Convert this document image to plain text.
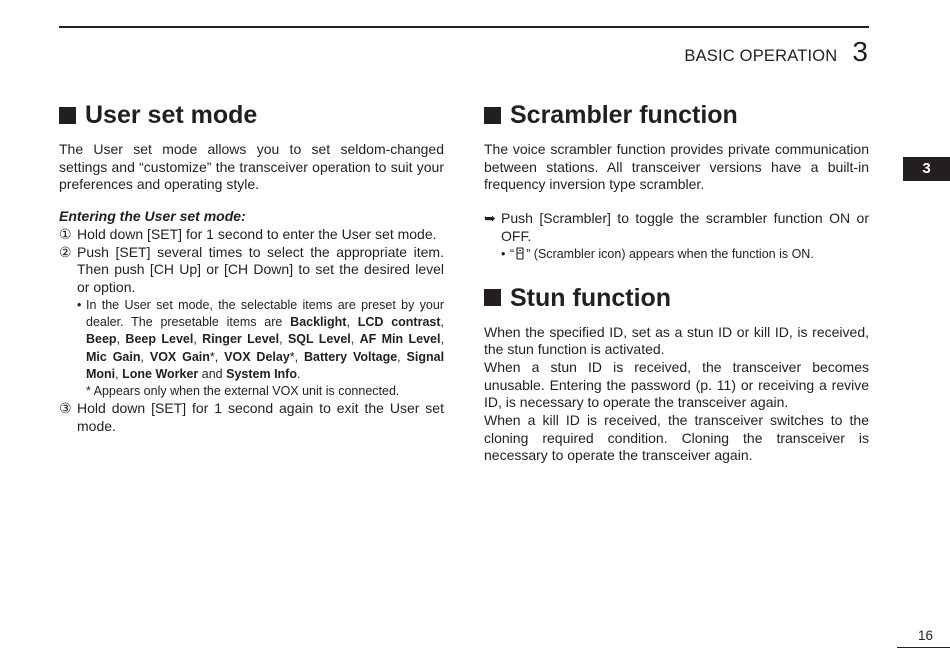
BASIC OPERATION 3
3
User set mode

The User set mode allows you to set seldom-changed settings and “customize” the transceiver operation to suit your preferences and operating style.

Entering the User set mode:
① Hold down [SET] for 1 second to enter the User set mode.
② Push [SET] several times to select the appropriate item. Then push [CH Up] or [CH Down] to set the desired level or option.
• In the User set mode, the selectable items are preset by your dealer. The presetable items are Backlight, LCD contrast, Beep, Beep Level, Ringer Level, SQL Level, AF Min Level, Mic Gain, VOX Gain*, VOX Delay*, Battery Voltage, Signal Moni, Lone Worker and System Info.
* Appears only when the external VOX unit is connected.
③ Hold down [SET] for 1 second again to exit the User set mode.
Scrambler function

The voice scrambler function provides private communication between stations. All transceiver versions have a built-in frequency inversion type scrambler.

➥ Push [Scrambler] to toggle the scrambler function ON or OFF.
• “ ” (Scrambler icon) appears when the function is ON.
Stun function

When the specified ID, set as a stun ID or kill ID, is received, the stun function is activated.

When a stun ID is received, the transceiver becomes unusable. Entering the password (p. 11) or receiving a revive ID, is necessary to operate the transceiver again.

When a kill ID is received, the transceiver switches to the cloning required condition. Cloning the transceiver is necessary to operate the transceiver again.

16
